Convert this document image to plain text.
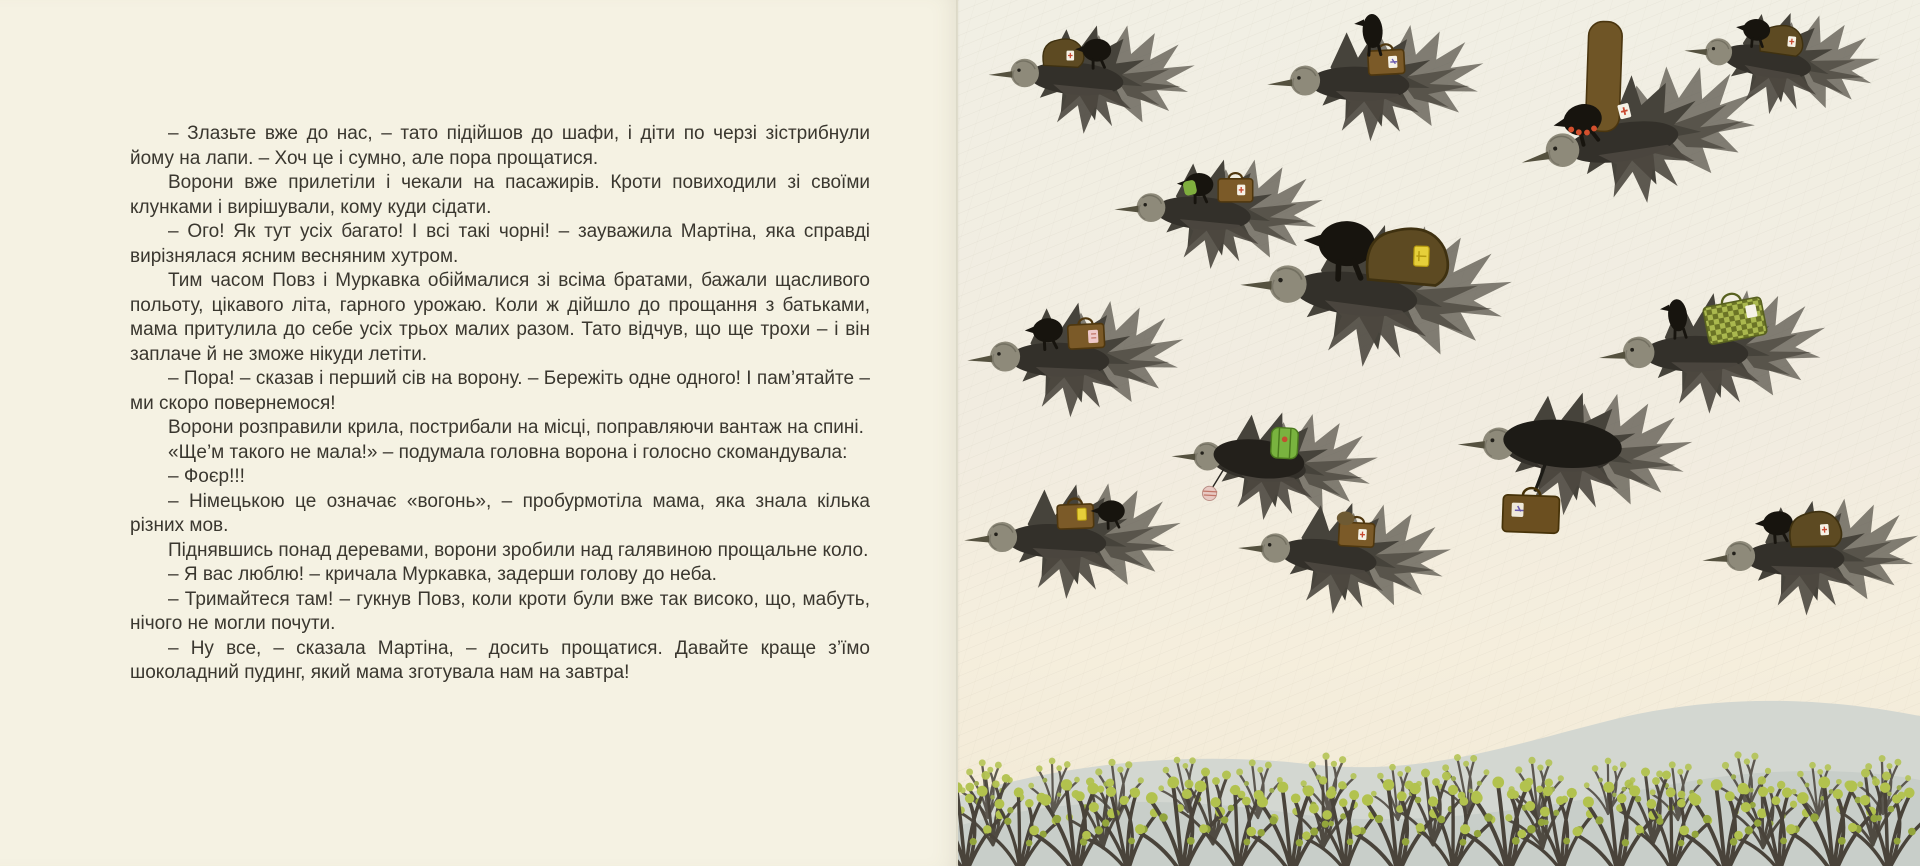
– Злазьте вже до нас, – тато підійшов до шафи, і діти по черзі зістрибнули йому на лапи. – Хоч це і сумно, але пора прощатися.

Ворони вже прилетіли і чекали на пасажирів. Кроти повиходили зі своїми клунками і вирішували, кому куди сідати.

– Ого! Як тут усіх багато! І всі такі чорні! – зауважила Мартіна, яка справді вирізнялася ясним весняним хутром.

Тим часом Повз і Муркавка обіймалися зі всіма братами, бажали щасливого польоту, цікавого літа, гарного урожаю. Коли ж дійшло до прощання з батьками, мама притулила до себе усіх трьох малих разом. Тато відчув, що ще трохи – і він заплаче й не зможе нікуди летіти.

– Пора! – сказав і перший сів на ворону. – Бережіть одне одного! І пам’ятайте – ми скоро повернемося!

Ворони розправили крила, пострибали на місці, поправляючи вантаж на спині.

«Ще’м такого не мала!» – подумала головна ворона і голосно скомандувала:

– Фоєр!!!

– Німецькою це означає «вогонь», – пробурмотіла мама, яка знала кілька різних мов.

Піднявшись понад деревами, ворони зробили над галявиною прощальне коло.

– Я вас люблю! – кричала Муркавка, задерши голову до неба.

– Тримайтеся там! – гукнув Повз, коли кроти були вже так високо, що, мабуть, нічого не могли почути.

– Ну все, – сказала Мартіна, – досить прощатися. Давайте краще з’їмо шоколадний пудинг, який мама зготувала нам на завтра!
